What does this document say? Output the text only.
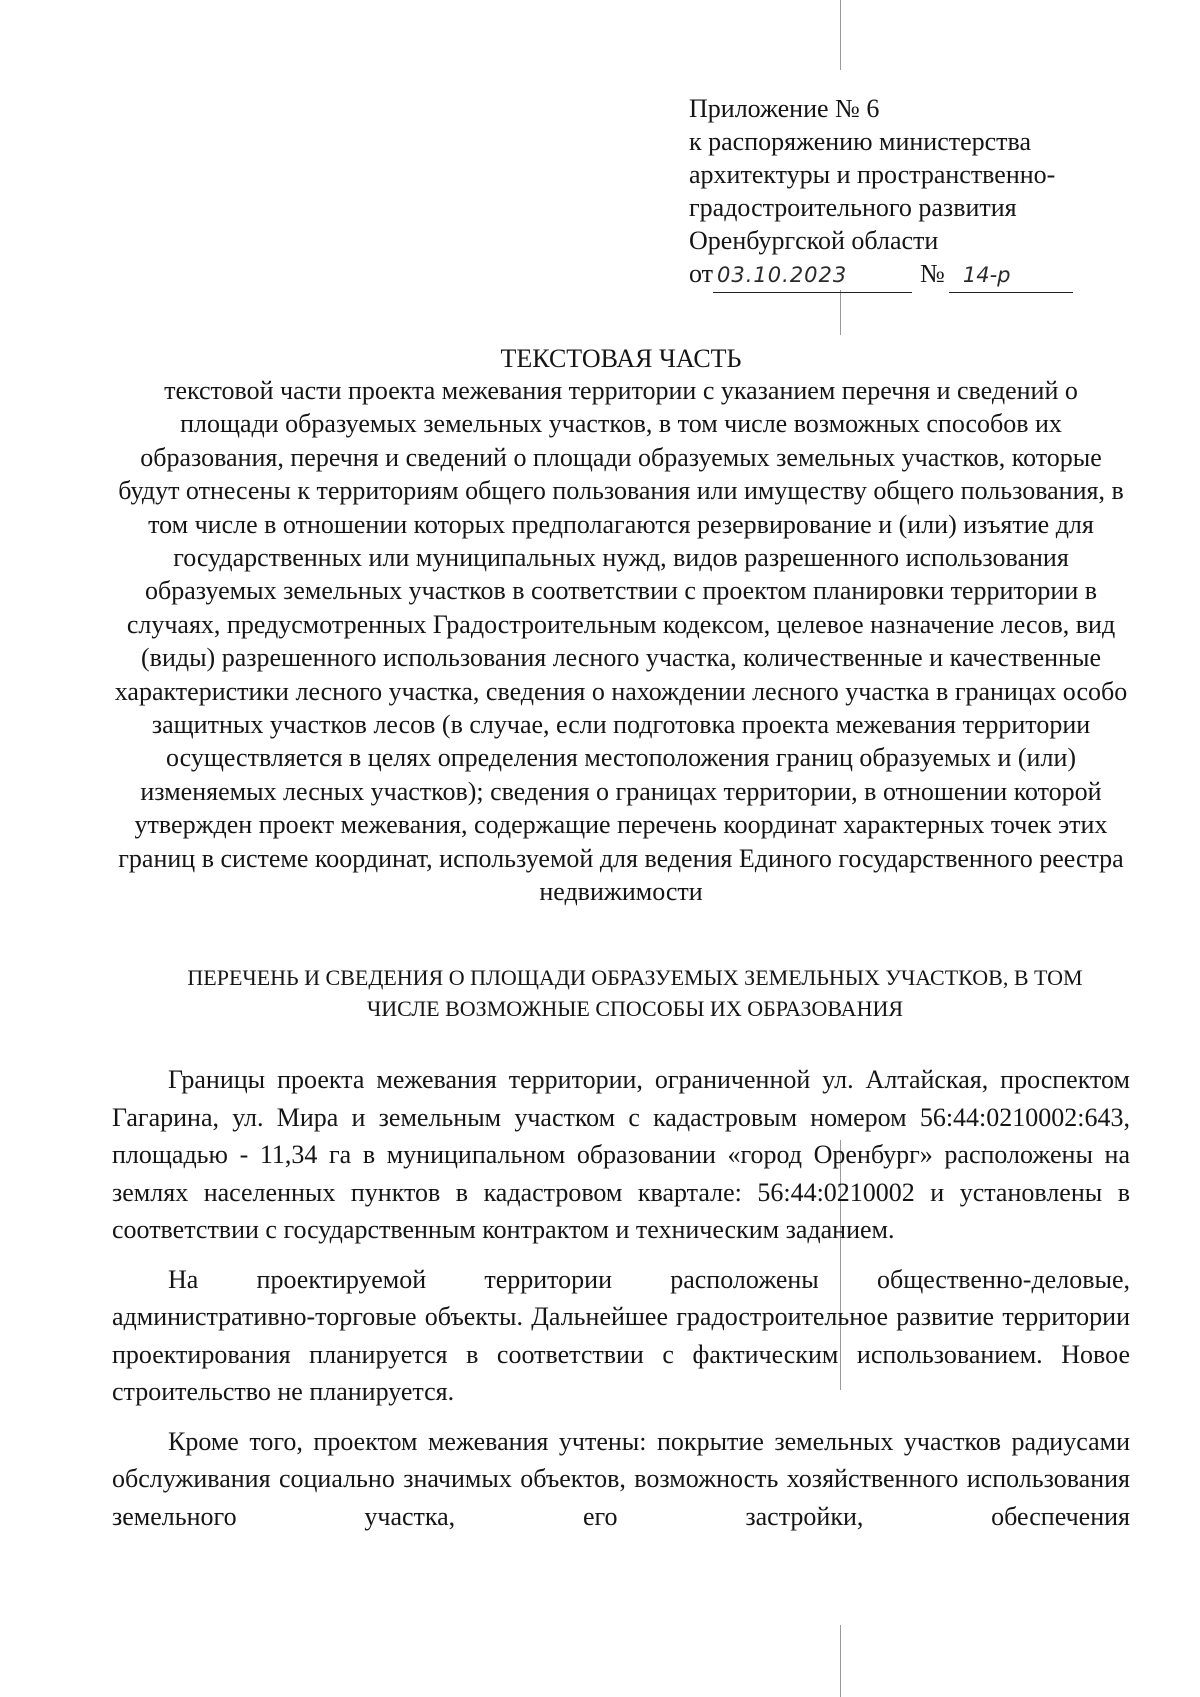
Приложение № 6
к распоряжению министерства
архитектуры и пространственно-
градостроительного развития
Оренбургской области
от 03.10.2023	№ 14-р
ТЕКСТОВАЯ ЧАСТЬ
текстовой части проекта межевания территории с указанием перечня и сведений о площади образуемых земельных участков, в том числе возможных способов их образования, перечня и сведений о площади образуемых земельных участков, которые будут отнесены к территориям общего пользования или имуществу общего пользования, в том числе в отношении которых предполагаются резервирование и (или) изъятие для государственных или муниципальных нужд, видов разрешенного использования образуемых земельных участков в соответствии с проектом планировки территории в случаях, предусмотренных Градостроительным кодексом, целевое назначение лесов, вид (виды) разрешенного использования лесного участка, количественные и качественные характеристики лесного участка, сведения о нахождении лесного участка в границах особо защитных участков лесов (в случае, если подготовка проекта межевания территории осуществляется в целях определения местоположения границ образуемых и (или) изменяемых лесных участков); сведения о границах территории, в отношении которой утвержден проект межевания, содержащие перечень координат характерных точек этих границ в системе координат, используемой для ведения Единого государственного реестра недвижимости
ПЕРЕЧЕНЬ И СВЕДЕНИЯ О ПЛОЩАДИ ОБРАЗУЕМЫХ ЗЕМЕЛЬНЫХ УЧАСТКОВ, В ТОМ ЧИСЛЕ ВОЗМОЖНЫЕ СПОСОБЫ ИХ ОБРАЗОВАНИЯ

Границы проекта межевания территории, ограниченной ул. Алтайская, проспектом Гагарина, ул. Мира и земельным участком с кадастровым номером 56:44:0210002:643, площадью - 11,34 га в муниципальном образовании «город Оренбург» расположены на землях населенных пунктов в кадастровом квартале: 56:44:0210002 и установлены в соответствии с государственным контрактом и техническим заданием.

На проектируемой территории расположены общественно-деловые, административно-торговые объекты. Дальнейшее градостроительное развитие территории проектирования планируется в соответствии с фактическим использованием. Новое строительство не планируется.

Кроме того, проектом межевания учтены: покрытие земельных участков радиусами обслуживания социально значимых объектов, возможность хозяйственного использования земельного участка, его застройки, обеспечения
